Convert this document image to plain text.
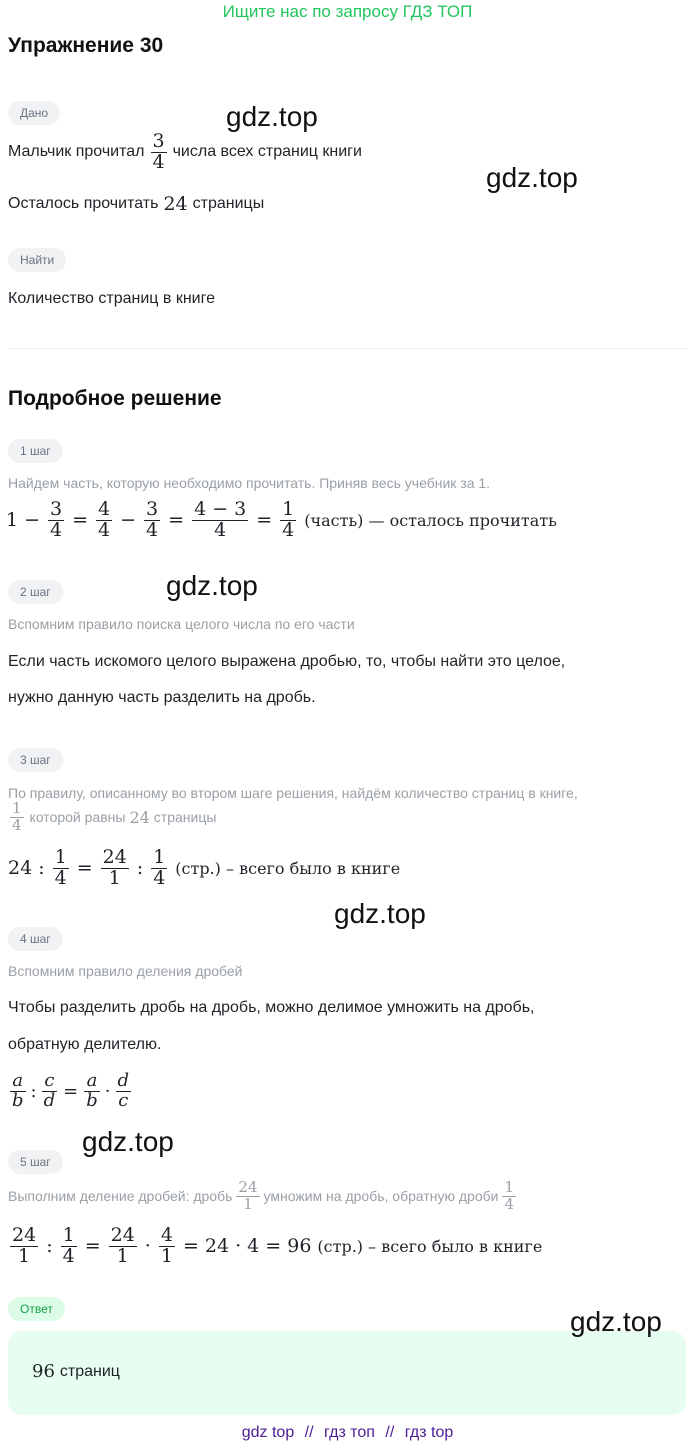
Ищите нас по запросу ГДЗ ТОП
Упражнение 30
Дано
Мальчик прочитал $\frac{3}{4}$ числа всех страниц книги
Осталось прочитать 24 страницы
Найти
Количество страниц в книге
Подробное решение
1 шаг
Найдем часть, которую необходимо прочитать. Приняв весь учебник за 1.
$1 - \frac{3}{4} = \frac{4}{4} - \frac{3}{4} = \frac{4 - 3}{4} = \frac{1}{4}$ (часть) — осталось прочитать
2 шаг
Вспомним правило поиска целого числа по его части
Если часть искомого целого выражена дробью, то, чтобы найти это целое,
нужно данную часть разделить на дробь.
3 шаг
По правилу, описанному во втором шаге решения, найдём количество страниц в книге,
$\frac{1}{4}$ которой равны 24 страницы
24 : $\frac{1}{4} = \frac{24}{1}$ : $\frac{1}{4} (стр.)$ – всего было в книге
4 шаг
Вспомним правило деления дробей
Чтобы разделить дробь на дробь, можно делимое умножить на дробь,
обратную делителю.
$\frac{a}{b}$ : $\frac{c}{d} = \frac{a}{b} \cdot \frac{d}{c}$
5 шаг
Выполним деление дробей: дробь $\frac{24}{1}$ умножим на дробь, обратную дроби $\frac{1}{4}$
$\frac{24}{1}$ : $\frac{1}{4} = \frac{24}{1} \cdot \frac{4}{1} = 24 \cdot 4 = 96$ (стр.) – всего было в книге
Ответ
96 страниц
gdz.top
gdz.top
gdz.top
gdz.top
gdz.top
gdz.top
gdz top // гдз топ // гдз top
